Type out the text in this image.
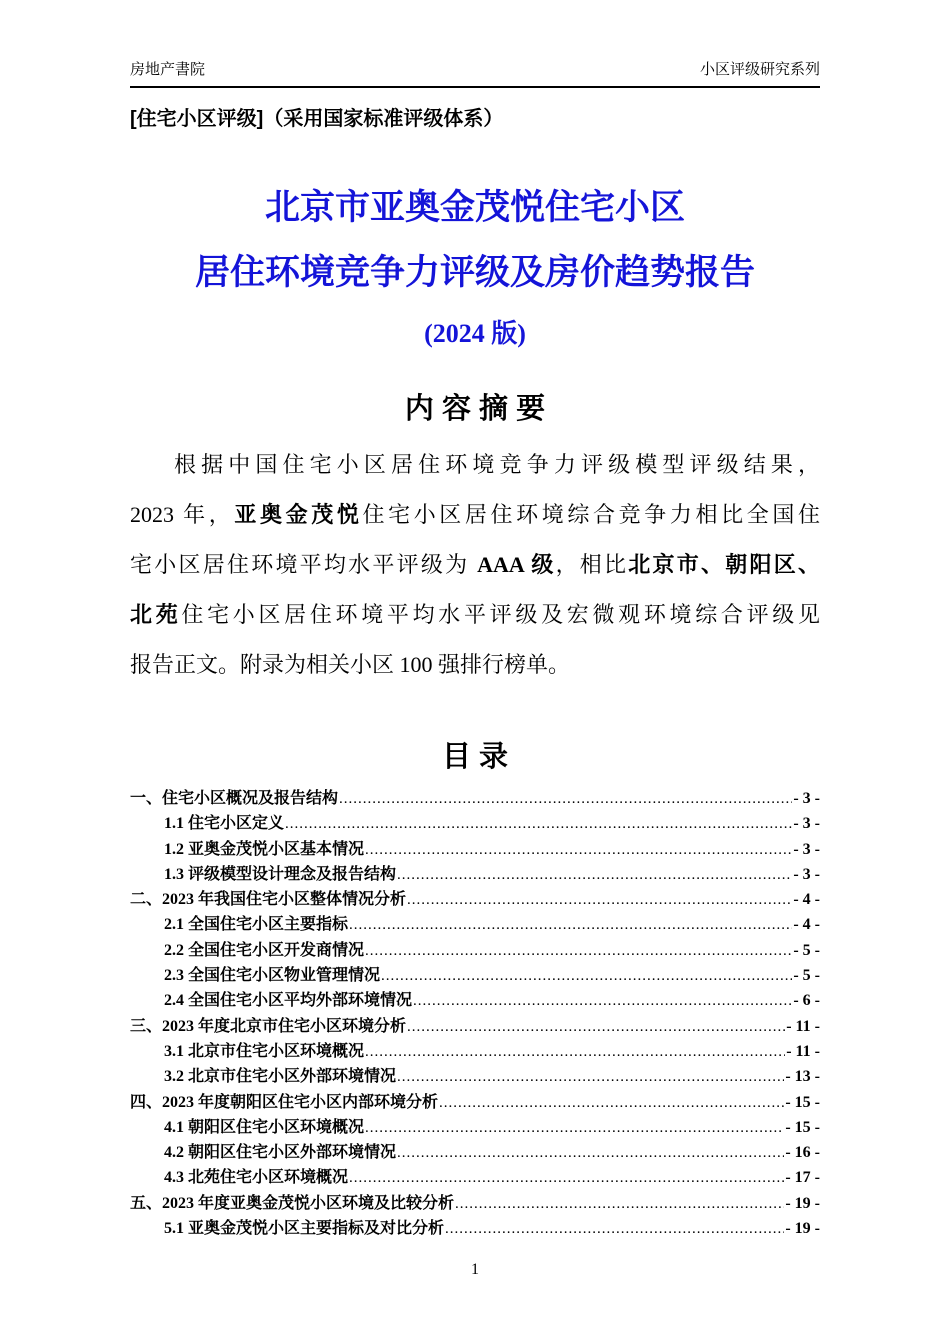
房地产書院	小区评级研究系列
[住宅小区评级]（采用国家标准评级体系）
北京市亚奥金茂悦住宅小区
居住环境竞争力评级及房价趋势报告
(2024 版)
内 容 摘 要
根据中国住宅小区居住环境竞争力评级模型评级结果，
2023 年，亚奥金茂悦住宅小区居住环境综合竞争力相比全国住
宅小区居住环境平均水平评级为 AAA 级，相比北京市、朝阳区、
北苑住宅小区居住环境平均水平评级及宏微观环境综合评级见
报告正文。附录为相关小区 100 强排行榜单。
目 录
一、住宅小区概况及报告结构 .....	- 3 -
1.1 住宅小区定义 .....	- 3 -
1.2 亚奥金茂悦小区基本情况 .....	- 3 -
1.3 评级模型设计理念及报告结构 .....	- 3 -
二、2023 年我国住宅小区整体情况分析 .....	- 4 -
2.1 全国住宅小区主要指标 .....	- 4 -
2.2 全国住宅小区开发商情况 .....	- 5 -
2.3 全国住宅小区物业管理情况 .....	- 5 -
2.4 全国住宅小区平均外部环境情况 .....	- 6 -
三、2023 年度北京市住宅小区环境分析 .....	- 11 -
3.1 北京市住宅小区环境概况 .....	- 11 -
3.2 北京市住宅小区外部环境情况 .....	- 13 -
四、2023 年度朝阳区住宅小区内部环境分析 .....	- 15 -
4.1 朝阳区住宅小区环境概况 .....	- 15 -
4.2 朝阳区住宅小区外部环境情况 .....	- 16 -
4.3 北苑住宅小区环境概况 .....	- 17 -
五、2023 年度亚奥金茂悦小区环境及比较分析 .....	- 19 -
5.1 亚奥金茂悦小区主要指标及对比分析 .....	- 19 -
1
